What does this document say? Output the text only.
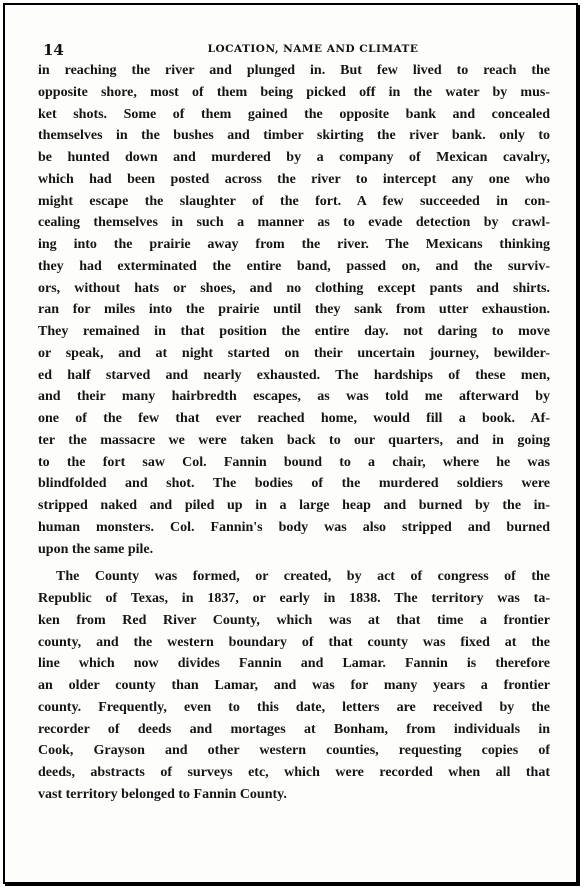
14	LOCATION, NAME AND CLIMATE
in reaching the river and plunged in. But few lived to reach the
opposite shore, most of them being picked off in the water by mus-
ket shots. Some of them gained the opposite bank and concealed
themselves in the bushes and timber skirting the river bank. only to
be hunted down and murdered by a company of Mexican cavalry,
which had been posted across the river to intercept any one who
might escape the slaughter of the fort. A few succeeded in con-
cealing themselves in such a manner as to evade detection by crawl-
ing into the prairie away from the river. The Mexicans thinking
they had exterminated the entire band, passed on, and the surviv-
ors, without hats or shoes, and no clothing except pants and shirts.
ran for miles into the prairie until they sank from utter exhaustion.
They remained in that position the entire day. not daring to move
or speak, and at night started on their uncertain journey, bewilder-
ed half starved and nearly exhausted. The hardships of these men,
and their many hairbredth escapes, as was told me afterward by
one of the few that ever reached home, would fill a book. Af-
ter the massacre we were taken back to our quarters, and in going
to the fort saw Col. Fannin bound to a chair, where he was
blindfolded and shot. The bodies of the murdered soldiers were
stripped naked and piled up in a large heap and burned by the in-
human monsters. Col. Fannin's body was also stripped and burned
upon the same pile.
The County was formed, or created, by act of congress of the
Republic of Texas, in 1837, or early in 1838. The territory was ta-
ken from Red River County, which was at that time a frontier
county, and the western boundary of that county was fixed at the
line which now divides Fannin and Lamar. Fannin is therefore
an older county than Lamar, and was for many years a frontier
county. Frequently, even to this date, letters are received by the
recorder of deeds and mortages at Bonham, from individuals in
Cook, Grayson and other western counties, requesting copies of
deeds, abstracts of surveys etc, which were recorded when all that
vast territory belonged to Fannin County.
